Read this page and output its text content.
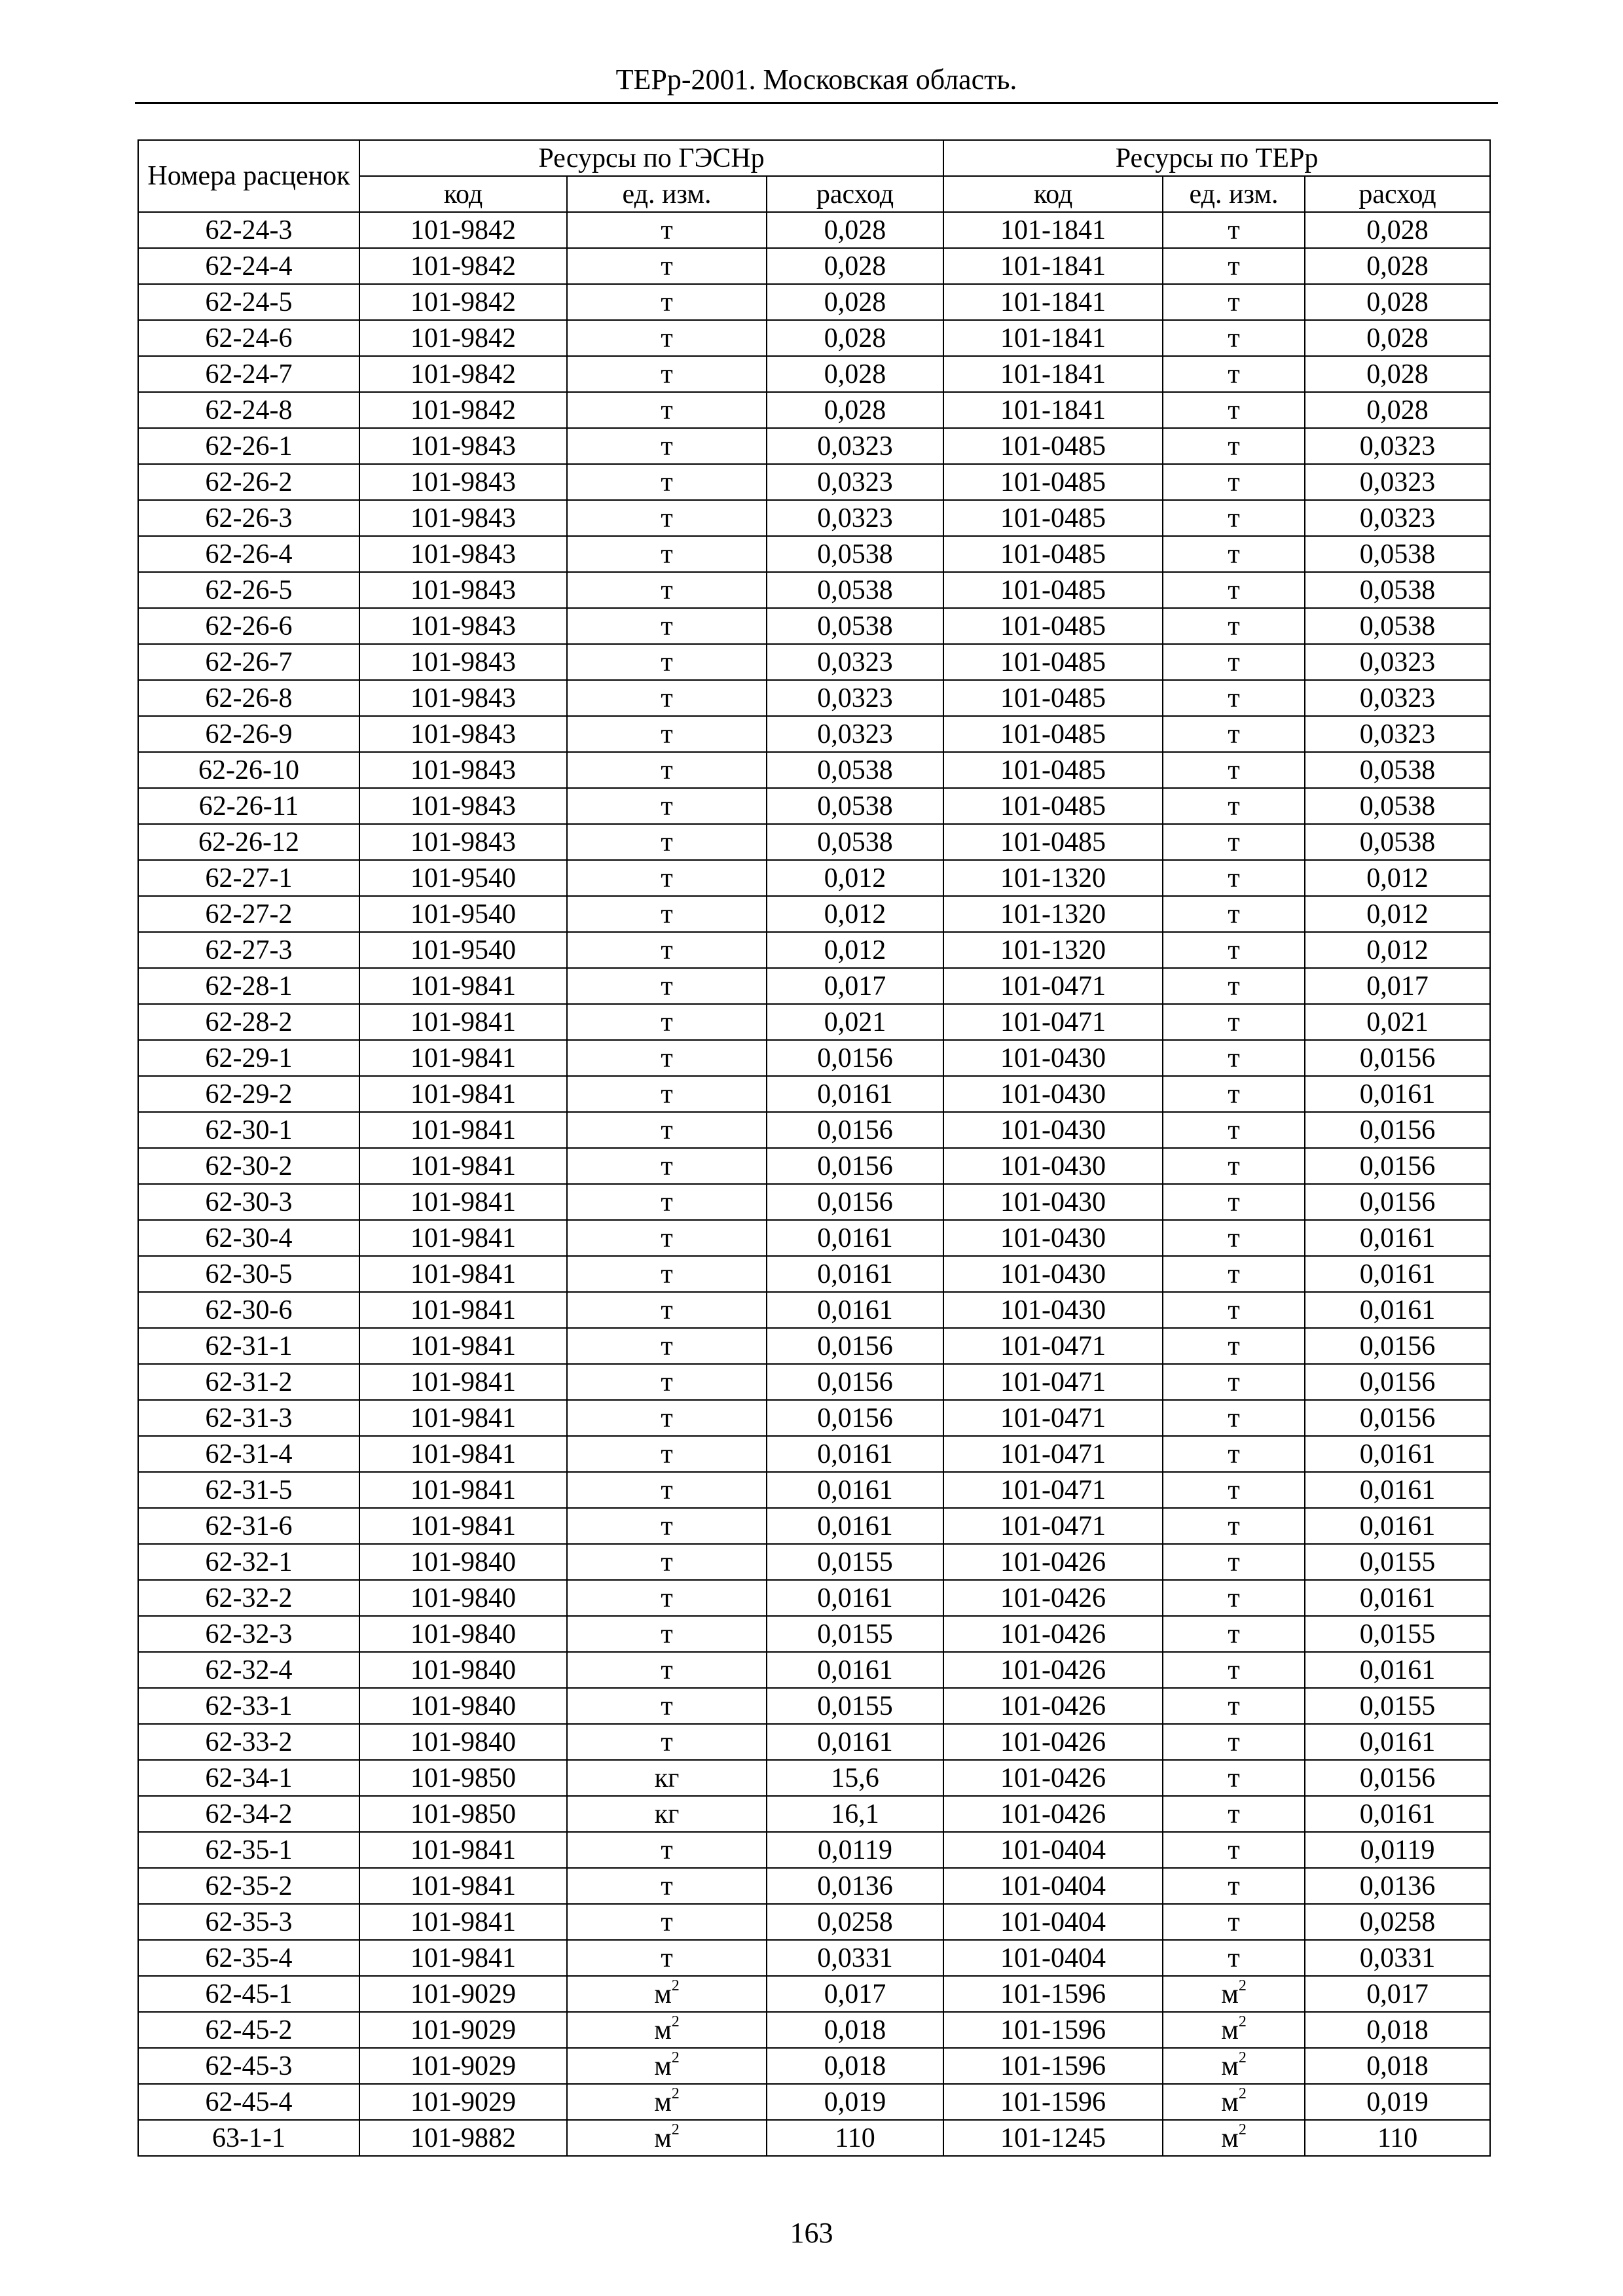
ТЕРр-2001. Московская область.
Номера расценок	Ресурсы по ГЭСНр			Ресурсы по ТЕРр		
	код	ед. изм.	расход	код	ед. изм.	расход
62-24-3	101-9842	т	0,028	101-1841	т	0,028
62-24-4	101-9842	т	0,028	101-1841	т	0,028
62-24-5	101-9842	т	0,028	101-1841	т	0,028
62-24-6	101-9842	т	0,028	101-1841	т	0,028
62-24-7	101-9842	т	0,028	101-1841	т	0,028
62-24-8	101-9842	т	0,028	101-1841	т	0,028
62-26-1	101-9843	т	0,0323	101-0485	т	0,0323
62-26-2	101-9843	т	0,0323	101-0485	т	0,0323
62-26-3	101-9843	т	0,0323	101-0485	т	0,0323
62-26-4	101-9843	т	0,0538	101-0485	т	0,0538
62-26-5	101-9843	т	0,0538	101-0485	т	0,0538
62-26-6	101-9843	т	0,0538	101-0485	т	0,0538
62-26-7	101-9843	т	0,0323	101-0485	т	0,0323
62-26-8	101-9843	т	0,0323	101-0485	т	0,0323
62-26-9	101-9843	т	0,0323	101-0485	т	0,0323
62-26-10	101-9843	т	0,0538	101-0485	т	0,0538
62-26-11	101-9843	т	0,0538	101-0485	т	0,0538
62-26-12	101-9843	т	0,0538	101-0485	т	0,0538
62-27-1	101-9540	т	0,012	101-1320	т	0,012
62-27-2	101-9540	т	0,012	101-1320	т	0,012
62-27-3	101-9540	т	0,012	101-1320	т	0,012
62-28-1	101-9841	т	0,017	101-0471	т	0,017
62-28-2	101-9841	т	0,021	101-0471	т	0,021
62-29-1	101-9841	т	0,0156	101-0430	т	0,0156
62-29-2	101-9841	т	0,0161	101-0430	т	0,0161
62-30-1	101-9841	т	0,0156	101-0430	т	0,0156
62-30-2	101-9841	т	0,0156	101-0430	т	0,0156
62-30-3	101-9841	т	0,0156	101-0430	т	0,0156
62-30-4	101-9841	т	0,0161	101-0430	т	0,0161
62-30-5	101-9841	т	0,0161	101-0430	т	0,0161
62-30-6	101-9841	т	0,0161	101-0430	т	0,0161
62-31-1	101-9841	т	0,0156	101-0471	т	0,0156
62-31-2	101-9841	т	0,0156	101-0471	т	0,0156
62-31-3	101-9841	т	0,0156	101-0471	т	0,0156
62-31-4	101-9841	т	0,0161	101-0471	т	0,0161
62-31-5	101-9841	т	0,0161	101-0471	т	0,0161
62-31-6	101-9841	т	0,0161	101-0471	т	0,0161
62-32-1	101-9840	т	0,0155	101-0426	т	0,0155
62-32-2	101-9840	т	0,0161	101-0426	т	0,0161
62-32-3	101-9840	т	0,0155	101-0426	т	0,0155
62-32-4	101-9840	т	0,0161	101-0426	т	0,0161
62-33-1	101-9840	т	0,0155	101-0426	т	0,0155
62-33-2	101-9840	т	0,0161	101-0426	т	0,0161
62-34-1	101-9850	кг	15,6	101-0426	т	0,0156
62-34-2	101-9850	кг	16,1	101-0426	т	0,0161
62-35-1	101-9841	т	0,0119	101-0404	т	0,0119
62-35-2	101-9841	т	0,0136	101-0404	т	0,0136
62-35-3	101-9841	т	0,0258	101-0404	т	0,0258
62-35-4	101-9841	т	0,0331	101-0404	т	0,0331
62-45-1	101-9029	$м^2$	0,017	101-1596	$м^2$	0,017
62-45-2	101-9029	$м^2$	0,018	101-1596	$м^2$	0,018
62-45-3	101-9029	$м^2$	0,018	101-1596	$м^2$	0,018
62-45-4	101-9029	$м^2$	0,019	101-1596	$м^2$	0,019
63-1-1	101-9882	$м^2$	110	101-1245	$м^2$	110
163
